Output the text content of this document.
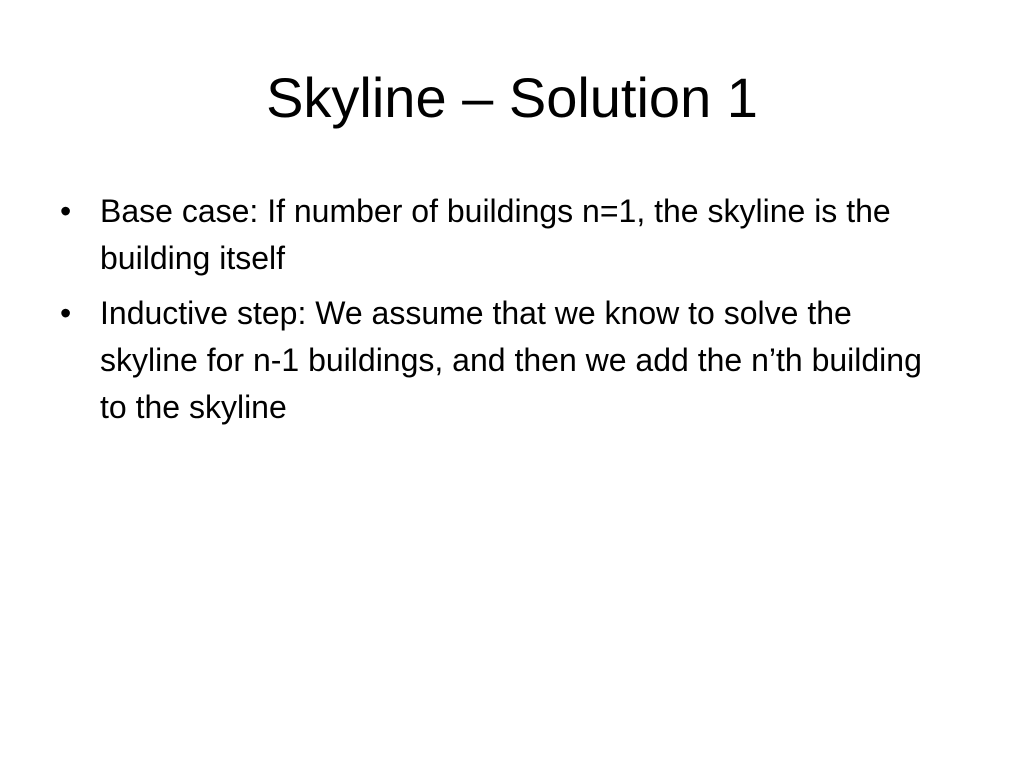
Skyline – Solution 1
• Base case: If number of buildings n=1, the skyline is the building itself
• Inductive step: We assume that we know to solve the skyline for n-1 buildings, and then we add the n’th building to the skyline
